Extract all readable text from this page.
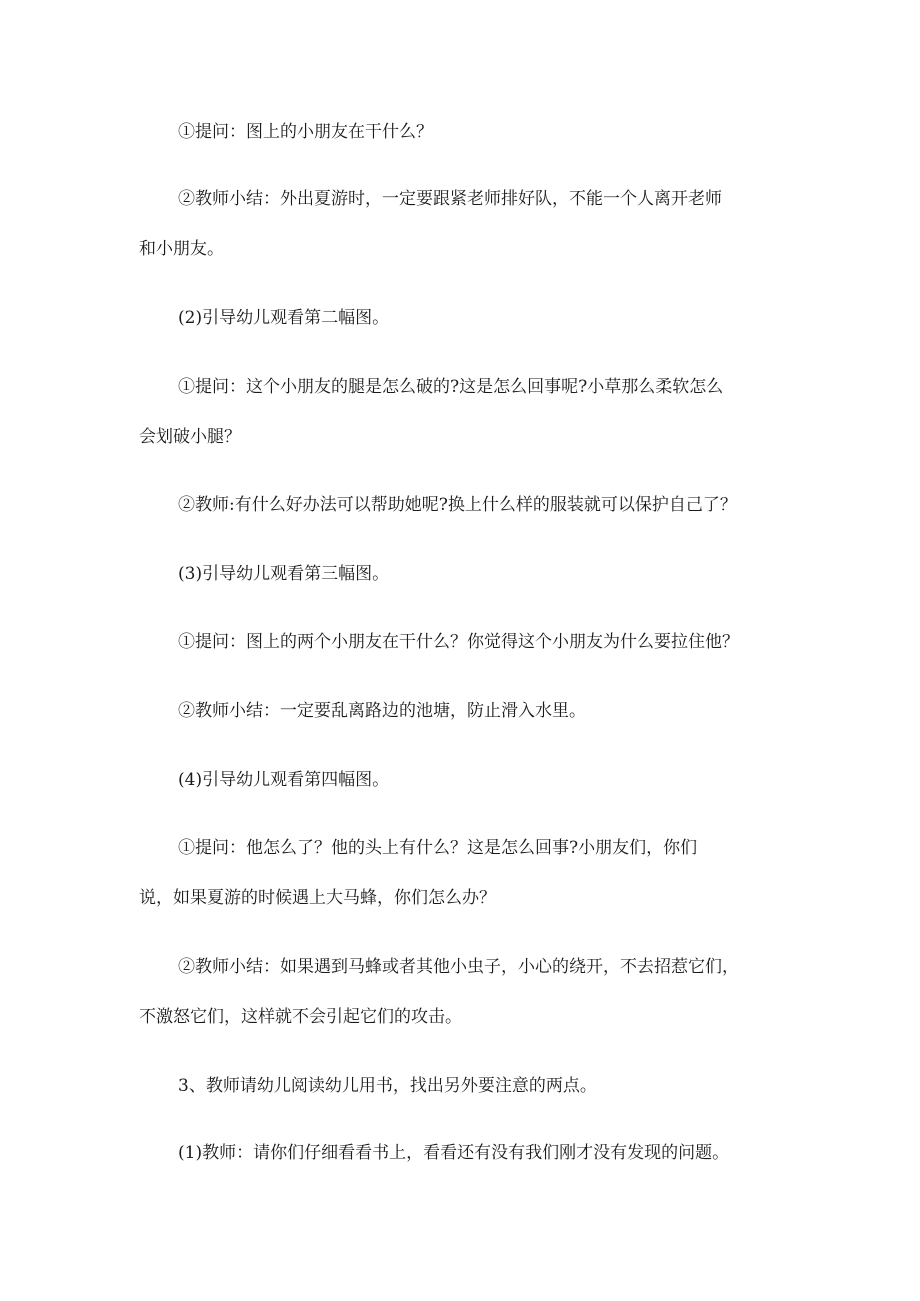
①提问：图上的小朋友在干什么？
②教师小结：外出夏游时，一定要跟紧老师排好队，不能一个人离开老师
和小朋友。
(2)引导幼儿观看第二幅图。
①提问：这个小朋友的腿是怎么破的?这是怎么回事呢?小草那么柔软怎么
会划破小腿？
②教师:有什么好办法可以帮助她呢?换上什么样的服装就可以保护自己了？
(3)引导幼儿观看第三幅图。
①提问：图上的两个小朋友在干什么？你觉得这个小朋友为什么要拉住他？
②教师小结：一定要乱离路边的池塘，防止滑入水里。
(4)引导幼儿观看第四幅图。
①提问：他怎么了？他的头上有什么？这是怎么回事?小朋友们，你们
说，如果夏游的时候遇上大马蜂，你们怎么办？
②教师小结：如果遇到马蜂或者其他小虫子，小心的绕开，不去招惹它们，
不激怒它们，这样就不会引起它们的攻击。
3、教师请幼儿阅读幼儿用书，找出另外要注意的两点。
(1)教师：请你们仔细看看书上，看看还有没有我们刚才没有发现的问题。
